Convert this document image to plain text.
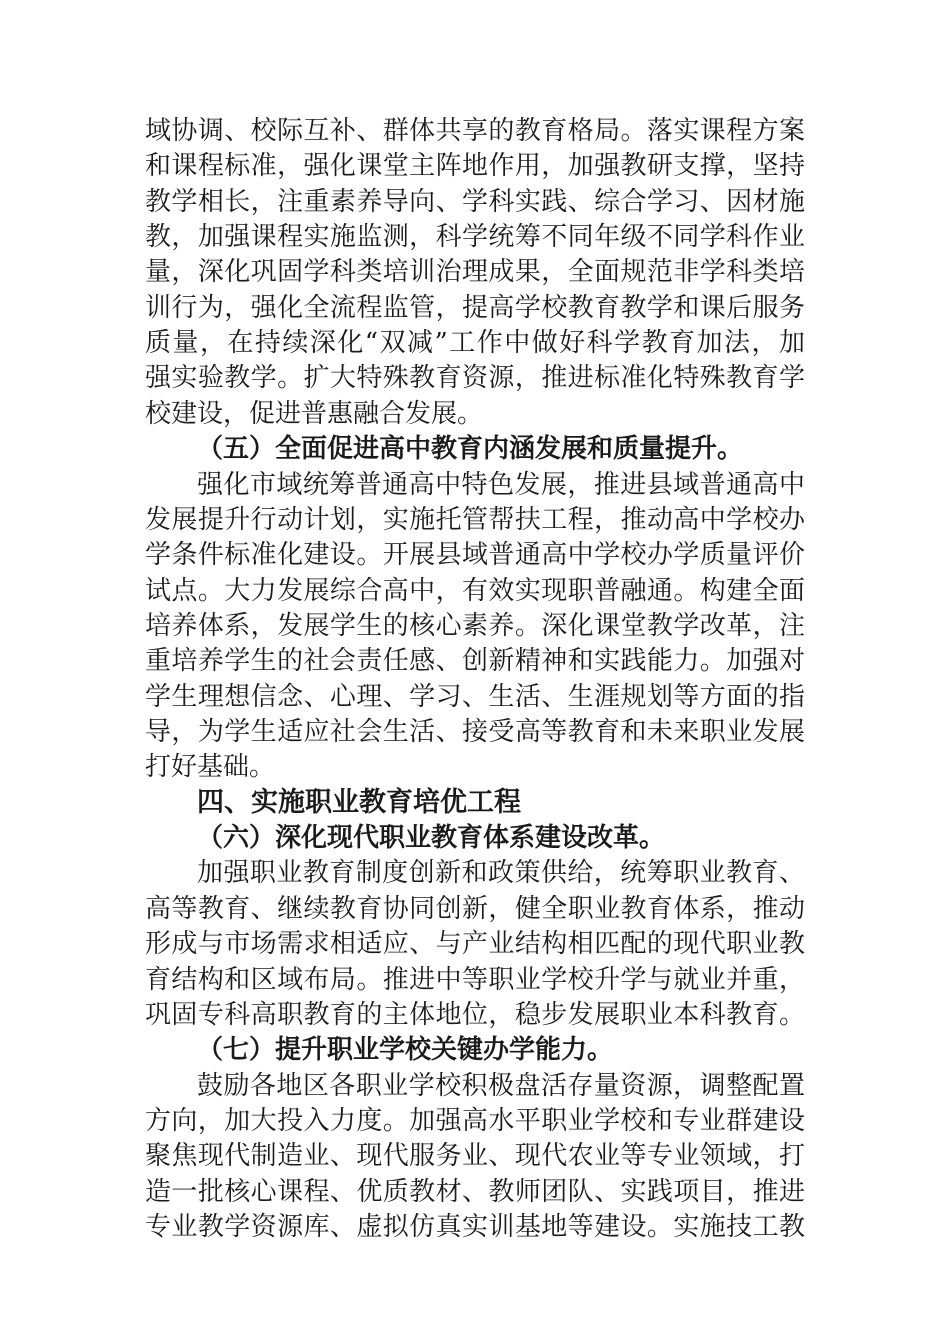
域协调、校际互补、群体共享的教育格局。落实课程方案
和课程标准，强化课堂主阵地作用，加强教研支撑，坚持
教学相长，注重素养导向、学科实践、综合学习、因材施
教，加强课程实施监测，科学统筹不同年级不同学科作业
量，深化巩固学科类培训治理成果，全面规范非学科类培
训行为，强化全流程监管，提高学校教育教学和课后服务
质量，在持续深化“双减”工作中做好科学教育加法，加
强实验教学。扩大特殊教育资源，推进标准化特殊教育学
校建设，促进普惠融合发展。
（五）全面促进高中教育内涵发展和质量提升。
强化市域统筹普通高中特色发展，推进县域普通高中
发展提升行动计划，实施托管帮扶工程，推动高中学校办
学条件标准化建设。开展县域普通高中学校办学质量评价
试点。大力发展综合高中，有效实现职普融通。构建全面
培养体系，发展学生的核心素养。深化课堂教学改革，注
重培养学生的社会责任感、创新精神和实践能力。加强对
学生理想信念、心理、学习、生活、生涯规划等方面的指
导，为学生适应社会生活、接受高等教育和未来职业发展
打好基础。
四、实施职业教育培优工程
（六）深化现代职业教育体系建设改革。
加强职业教育制度创新和政策供给，统筹职业教育、
高等教育、继续教育协同创新，健全职业教育体系，推动
形成与市场需求相适应、与产业结构相匹配的现代职业教
育结构和区域布局。推进中等职业学校升学与就业并重，
巩固专科高职教育的主体地位，稳步发展职业本科教育。
（七）提升职业学校关键办学能力。
鼓励各地区各职业学校积极盘活存量资源，调整配置
方向，加大投入力度。加强高水平职业学校和专业群建设
聚焦现代制造业、现代服务业、现代农业等专业领域，打
造一批核心课程、优质教材、教师团队、实践项目，推进
专业教学资源库、虚拟仿真实训基地等建设。实施技工教
